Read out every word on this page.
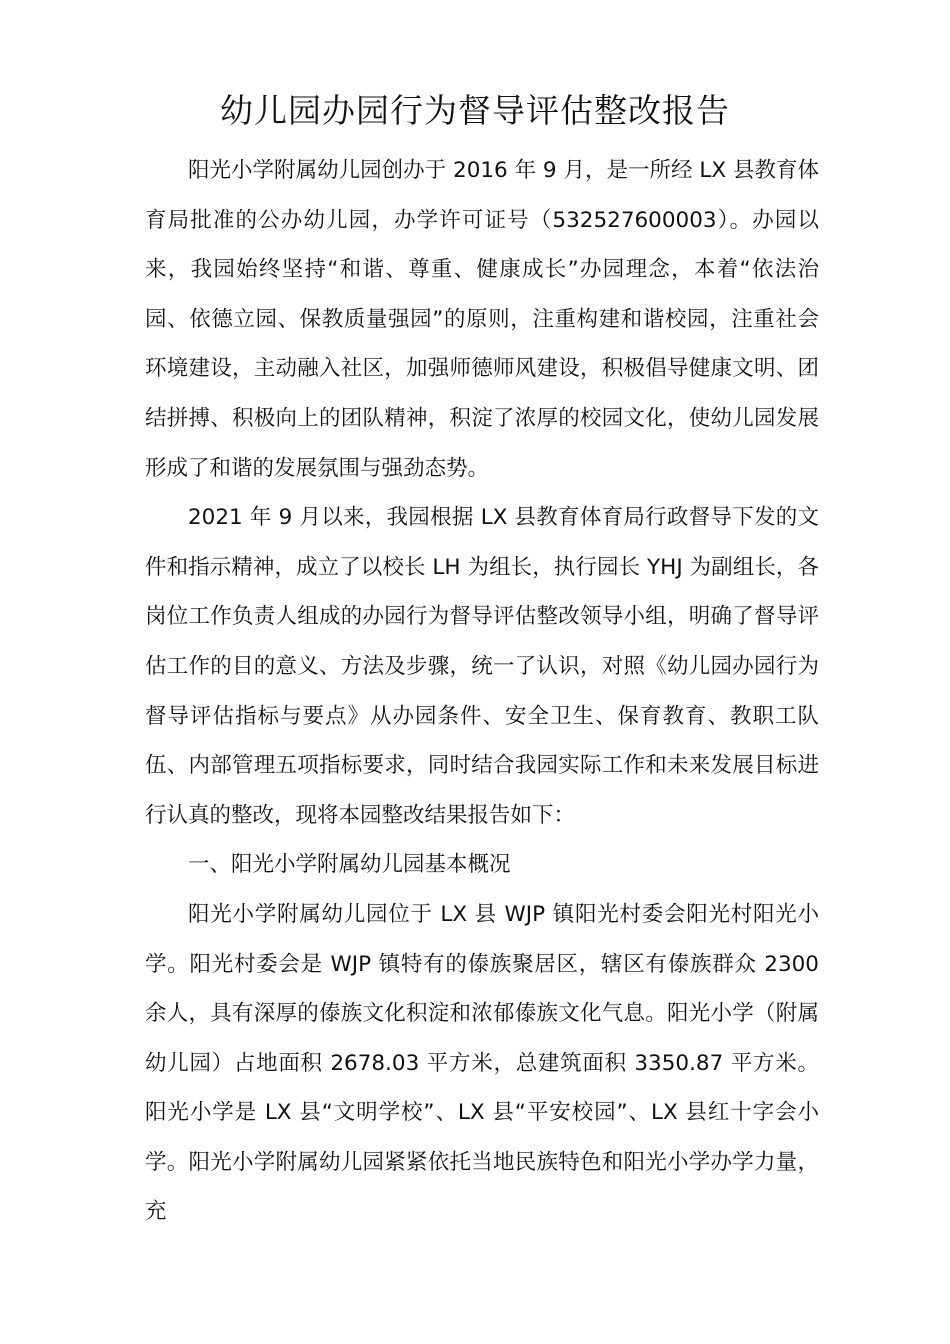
幼儿园办园行为督导评估整改报告

阳光小学附属幼儿园创办于 2016 年 9 月，是一所经 LX 县教育体育局批准的公办幼儿园，办学许可证号（532527600003）。办园以来，我园始终坚持“和谐、尊重、健康成长”办园理念，本着“依法治园、依德立园、保教质量强园”的原则，注重构建和谐校园，注重社会环境建设，主动融入社区，加强师德师风建设，积极倡导健康文明、团结拼搏、积极向上的团队精神，积淀了浓厚的校园文化，使幼儿园发展形成了和谐的发展氛围与强劲态势。

2021 年 9 月以来，我园根据 LX 县教育体育局行政督导下发的文件和指示精神，成立了以校长 LH 为组长，执行园长 YHJ 为副组长，各岗位工作负责人组成的办园行为督导评估整改领导小组，明确了督导评估工作的目的意义、方法及步骤，统一了认识，对照《幼儿园办园行为督导评估指标与要点》从办园条件、安全卫生、保育教育、教职工队伍、内部管理五项指标要求，同时结合我园实际工作和未来发展目标进行认真的整改，现将本园整改结果报告如下：

一、阳光小学附属幼儿园基本概况

阳光小学附属幼儿园位于 LX 县 WJP 镇阳光村委会阳光村阳光小学。阳光村委会是 WJP 镇特有的傣族聚居区，辖区有傣族群众 2300 余人，具有深厚的傣族文化积淀和浓郁傣族文化气息。阳光小学（附属幼儿园）占地面积 2678.03 平方米，总建筑面积 3350.87 平方米。阳光小学是 LX 县“文明学校”、LX 县“平安校园”、LX 县红十字会小学。阳光小学附属幼儿园紧紧依托当地民族特色和阳光小学办学力量，充
